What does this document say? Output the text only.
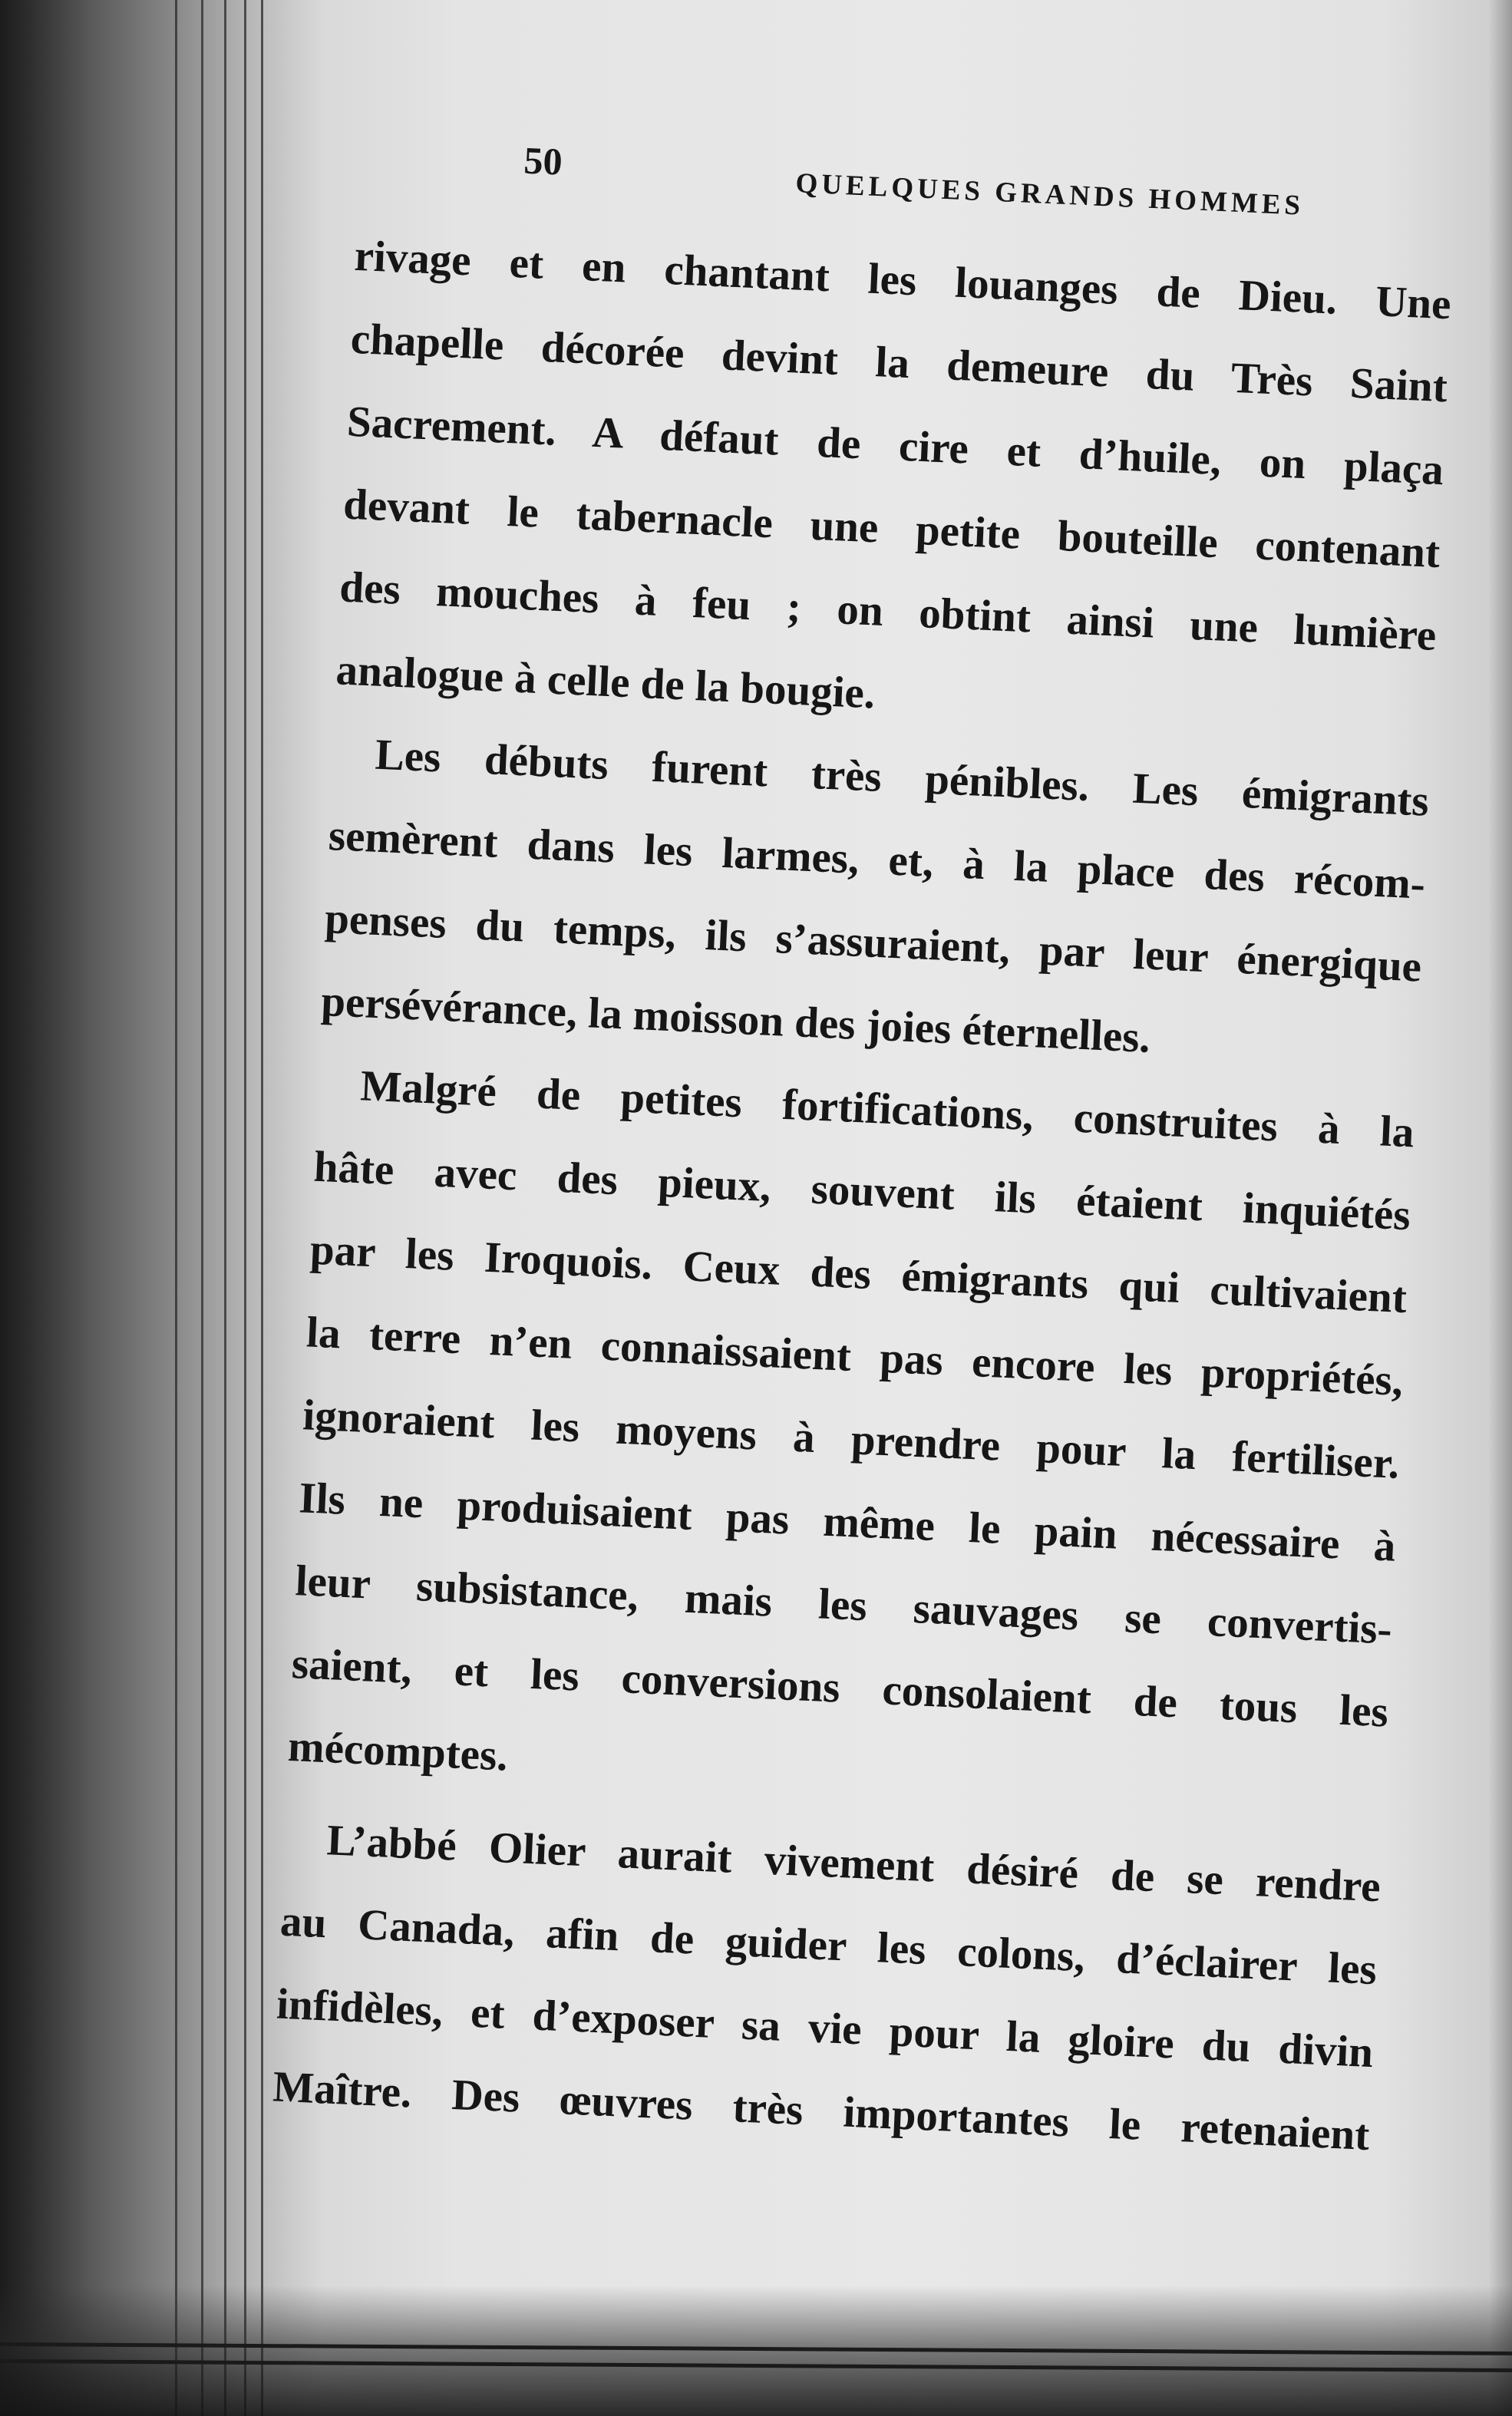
50
QUELQUES GRANDS HOMMES

rivage et en chantant les louanges de Dieu. Une
chapelle décorée devint la demeure du Très Saint
Sacrement. A défaut de cire et d’huile, on plaça
devant le tabernacle une petite bouteille contenant
des mouches à feu ; on obtint ainsi une lumière
analogue à celle de la bougie.

Les débuts furent très pénibles. Les émigrants
semèrent dans les larmes, et, à la place des récom-
penses du temps, ils s’assuraient, par leur énergique
persévérance, la moisson des joies éternelles.

Malgré de petites fortifications, construites à la
hâte avec des pieux, souvent ils étaient inquiétés
par les Iroquois. Ceux des émigrants qui cultivaient
la terre n’en connaissaient pas encore les propriétés,
ignoraient les moyens à prendre pour la fertiliser.
Ils ne produisaient pas même le pain nécessaire à
leur subsistance, mais les sauvages se convertis-
saient, et les conversions consolaient de tous les
mécomptes.

L’abbé Olier aurait vivement désiré de se rendre
au Canada, afin de guider les colons, d’éclairer les
infidèles, et d’exposer sa vie pour la gloire du divin
Maître. Des œuvres très importantes le retenaient
